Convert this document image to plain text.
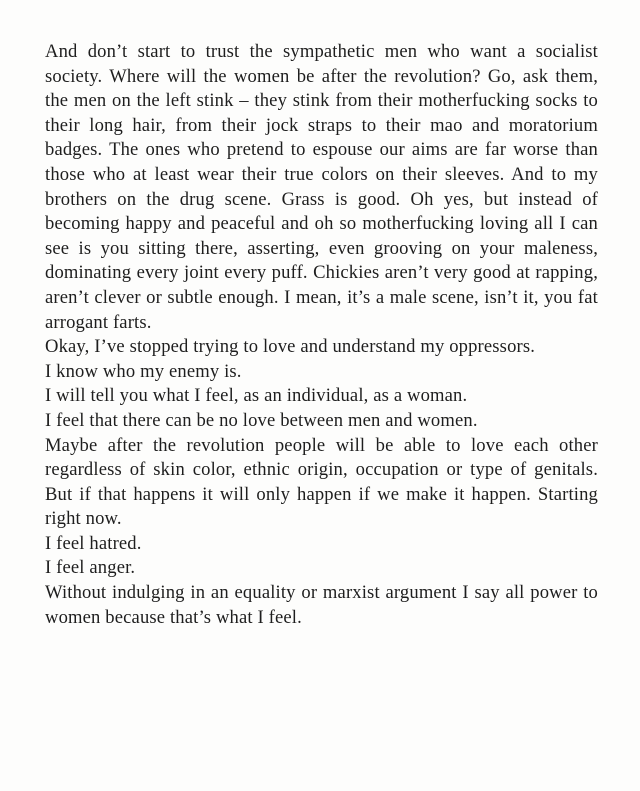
And don’t start to trust the sympathetic men who want a socialist society. Where will the women be after the revolution? Go, ask them, the men on the left stink – they stink from their motherfucking socks to their long hair, from their jock straps to their mao and moratorium badges. The ones who pretend to espouse our aims are far worse than those who at least wear their true colors on their sleeves. And to my brothers on the drug scene. Grass is good. Oh yes, but instead of becoming happy and peaceful and oh so motherfucking loving all I can see is you sitting there, asserting, even grooving on your maleness, dominating every joint every puff. Chickies aren’t very good at rapping, aren’t clever or subtle enough. I mean, it’s a male scene, isn’t it, you fat arrogant farts.

Okay, I’ve stopped trying to love and understand my oppressors.

I know who my enemy is.

I will tell you what I feel, as an individual, as a woman.

I feel that there can be no love between men and women.

Maybe after the revolution people will be able to love each other regardless of skin color, ethnic origin, occupation or type of genitals. But if that happens it will only happen if we make it happen. Starting right now.

I feel hatred.

I feel anger.

Without indulging in an equality or marxist argument I say all power to women because that’s what I feel.
